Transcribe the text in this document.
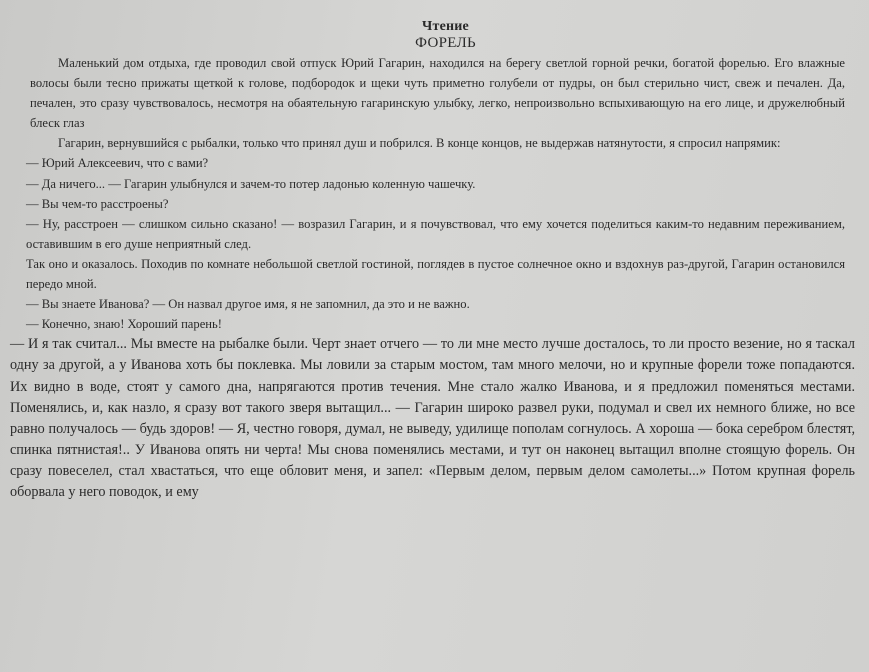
Чтение
ФОРЕЛЬ

Маленький дом отдыха, где проводил свой отпуск Юрий Гагарин, находился на берегу светлой горной речки, богатой форелью. Его влажные волосы были тесно прижаты щеткой к голове, подбородок и щеки чуть приметно голубели от пудры, он был стерильно чист, свеж и печален. Да, печален, это сразу чувствовалось, несмотря на обаятельную гагаринскую улыбку, легко, непроизвольно вспыхивающую на его лице, и дружелюбный блеск глаз

Гагарин, вернувшийся с рыбалки, только что принял душ и побрился. В конце концов, не выдержав натянутости, я спросил напрямик:

— Юрий Алексеевич, что с вами?

— Да ничего... — Гагарин улыбнулся и зачем-то потер ладонью коленную чашечку.

— Вы чем-то расстроены?

— Ну, расстроен — слишком сильно сказано! — возразил Гагарин, и я почувствовал, что ему хочется поделиться каким-то недавним переживанием, оставившим в его душе неприятный след.

Так оно и оказалось. Походив по комнате небольшой светлой гостиной, поглядев в пустое солнечное окно и вздохнув раз-другой, Гагарин остановился передо мной.

— Вы знаете Иванова? — Он назвал другое имя, я не запомнил, да это и не важно.

— Конечно, знаю! Хороший парень!

— И я так считал... Мы вместе на рыбалке были. Черт знает отчего — то ли мне место лучше досталось, то ли просто везение, но я таскал одну за другой, а у Иванова хоть бы поклевка. Мы ловили за старым мостом, там много мелочи, но и крупные форели тоже попадаются. Их видно в воде, стоят у самого дна, напрягаются против течения. Мне стало жалко Иванова, и я предложил поменяться местами. Поменялись, и, как назло, я сразу вот такого зверя вытащил... — Гагарин широко развел руки, подумал и свел их немного ближе, но все равно получалось — будь здоров! — Я, честно говоря, думал, не выведу, удилище пополам согнулось. А хороша — бока серебром блестят, спинка пятнистая!.. У Иванова опять ни черта! Мы снова поменялись местами, и тут он наконец вытащил вполне стоящую форель. Он сразу повеселел, стал хвастаться, что еще обловит меня, и запел: «Первым делом, первым делом самолеты...» Потом крупная форель оборвала у него поводок, и ему
